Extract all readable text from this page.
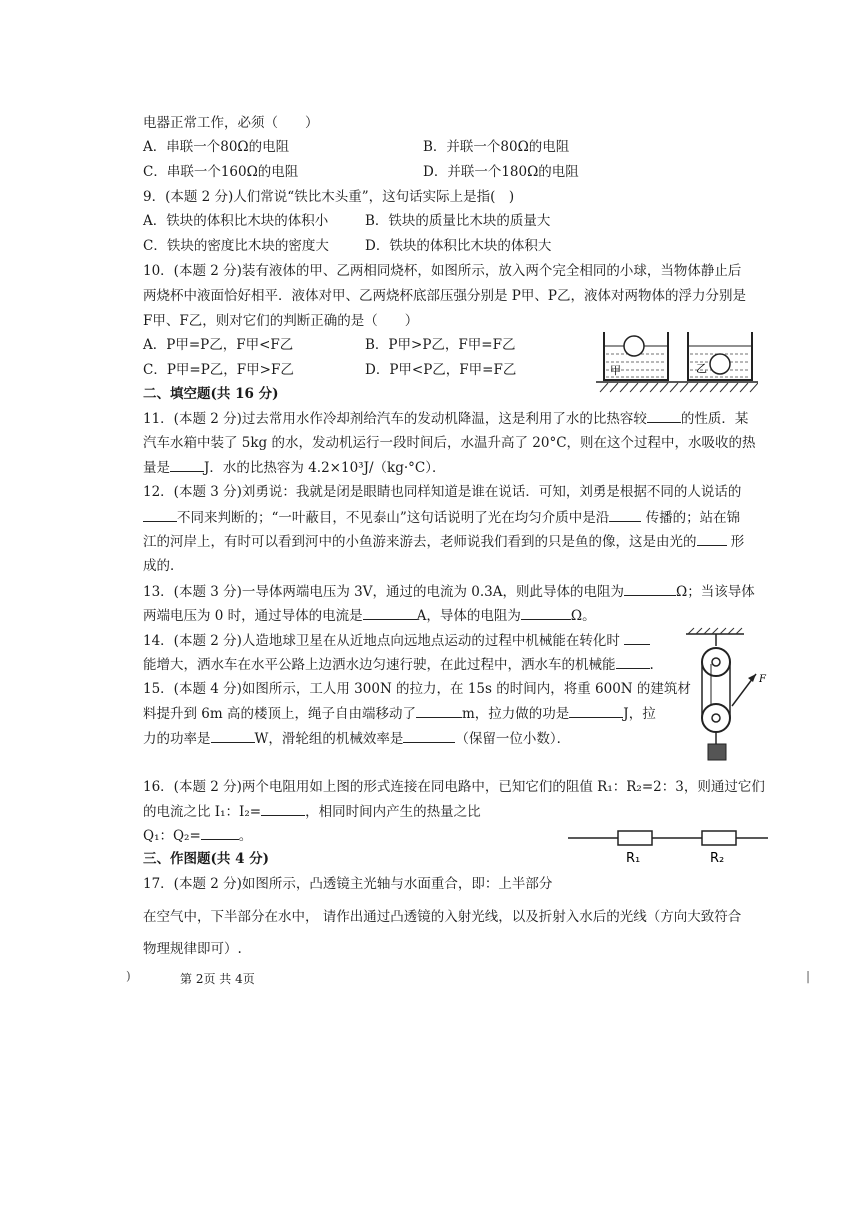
电器正常工作，必须（　　）
A．串联一个80Ω的电阻	B．并联一个80Ω的电阻
C．串联一个160Ω的电阻	D．并联一个180Ω的电阻
9．(本题 2 分)人们常说“铁比木头重”，这句话实际上是指(　)
A．铁块的体积比木块的体积小	B．铁块的质量比木块的质量大
C．铁块的密度比木块的密度大	D．铁块的体积比木块的体积大
10．(本题 2 分)装有液体的甲、乙两相同烧杯，如图所示，放入两个完全相同的小球，当物体静止后
两烧杯中液面恰好相平．液体对甲、乙两烧杯底部压强分别是 P甲、P乙，液体对两物体的浮力分别是
F甲、F乙，则对它们的判断正确的是（　　）
A．P甲=P乙，F甲<F乙	B．P甲>P乙，F甲=F乙
C．P甲=P乙，F甲>F乙	D．P甲<P乙，F甲=F乙	甲	乙
二、填空题(共 16 分)
11．(本题 2 分)过去常用水作冷却剂给汽车的发动机降温，这是利用了水的比热容较	的性质．某
汽车水箱中装了 5kg 的水，发动机运行一段时间后，水温升高了 20°C，则在这个过程中，水吸收的热
量是	J．水的比热容为 4.2×10³J/（kg·°C）．
12．(本题 3 分)刘勇说：我就是闭是眼睛也同样知道是谁在说话．可知，刘勇是根据不同的人说话的
不同来判断的；“一叶蔽目，不见泰山”这句话说明了光在均匀介质中是沿	传播的；站在锦
江的河岸上，有时可以看到河中的小鱼游来游去，老师说我们看到的只是鱼的像，这是由光的	形
成的．
13．(本题 3 分)一导体两端电压为 3V，通过的电流为 0.3A，则此导体的电阻为	Ω；当该导体
两端电压为 0 时，通过导体的电流是	A，导体的电阻为	Ω。
14．(本题 2 分)人造地球卫星在从近地点向远地点运动的过程中机械能在转化时
能增大，洒水车在水平公路上边洒水边匀速行驶，在此过程中，洒水车的机械能	.
15．(本题 4 分)如图所示，工人用 300N 的拉力，在 15s 的时间内，将重 600N 的建筑材
料提升到 6m 高的楼顶上，绳子自由端移动了	m，拉力做的功是	J，拉
力的功率是	W，滑轮组的机械效率是	（保留一位小数）．
F
16．(本题 2 分)两个电阻用如上图的形式连接在同电路中，已知它们的阻值 R₁：R₂=2：3，则通过它们
的电流之比 I₁：I₂=	，相同时间内产生的热量之比
Q₁：Q₂=	。
R₁	R₂
三、作图题(共 4 分)
17．(本题 2 分)如图所示，凸透镜主光轴与水面重合，即：上半部分
在空气中，下半部分在水中， 请作出通过凸透镜的入射光线，以及折射入水后的光线（方向大致符合
物理规律即可）.
)	第 2页 共 4页	|
